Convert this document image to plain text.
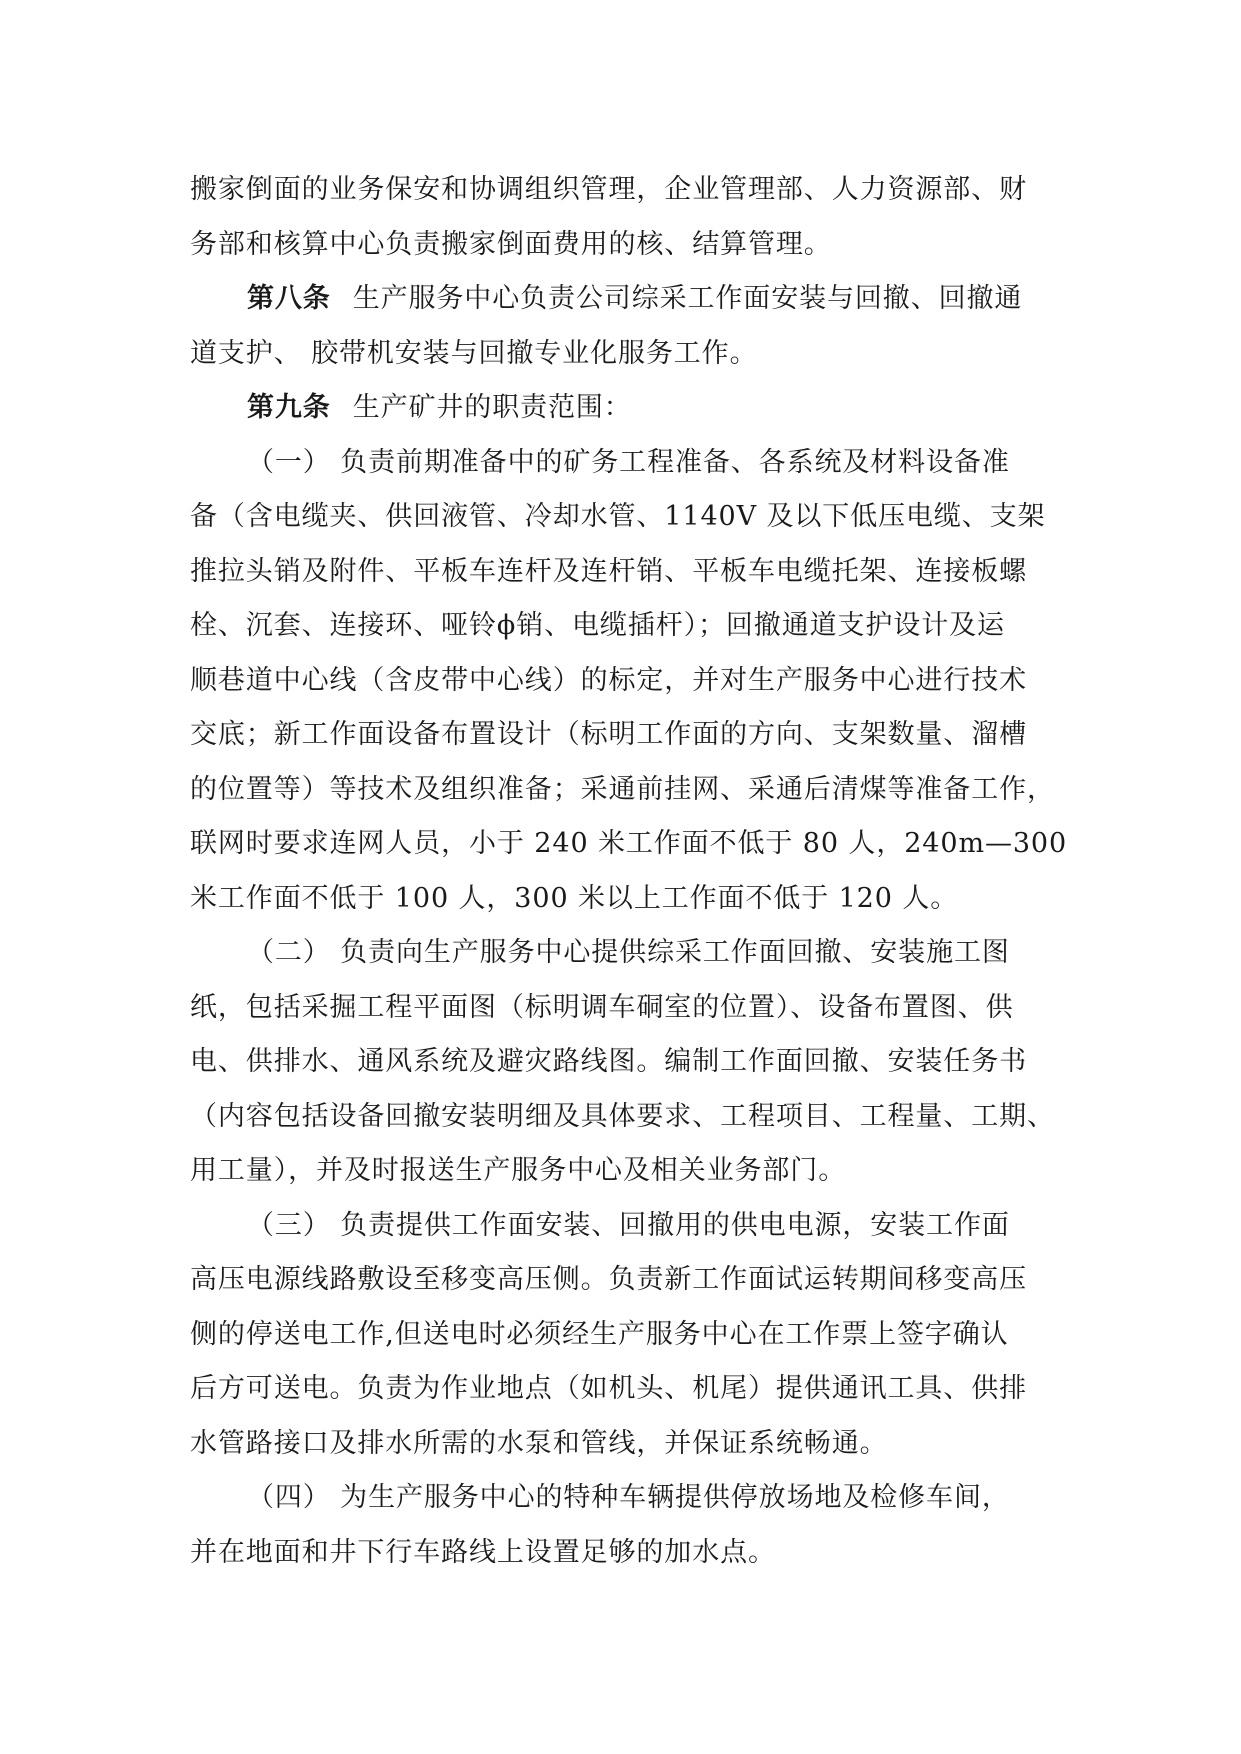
搬家倒面的业务保安和协调组织管理，企业管理部、人力资源部、财
务部和核算中心负责搬家倒面费用的核、结算管理。
第八条 生产服务中心负责公司综采工作面安装与回撤、回撤通
道支护、 胶带机安装与回撤专业化服务工作。
第九条 生产矿井的职责范围：
（一） 负责前期准备中的矿务工程准备、各系统及材料设备准
备（含电缆夹、供回液管、冷却水管、1140V 及以下低压电缆、支架
推拉头销及附件、平板车连杆及连杆销、平板车电缆托架、连接板螺
栓、沉套、连接环、哑铃ϕ销、电缆插杆）；回撤通道支护设计及运
顺巷道中心线（含皮带中心线）的标定，并对生产服务中心进行技术
交底；新工作面设备布置设计（标明工作面的方向、支架数量、溜槽
的位置等）等技术及组织准备；采通前挂网、采通后清煤等准备工作，
联网时要求连网人员，小于 240 米工作面不低于 80 人，240m—300
米工作面不低于 100 人，300 米以上工作面不低于 120 人。
（二） 负责向生产服务中心提供综采工作面回撤、安装施工图
纸，包括采掘工程平面图（标明调车硐室的位置）、设备布置图、供
电、供排水、通风系统及避灾路线图。编制工作面回撤、安装任务书
（内容包括设备回撤安装明细及具体要求、工程项目、工程量、工期、
用工量），并及时报送生产服务中心及相关业务部门。
（三） 负责提供工作面安装、回撤用的供电电源，安装工作面
高压电源线路敷设至移变高压侧。负责新工作面试运转期间移变高压
侧的停送电工作,但送电时必须经生产服务中心在工作票上签字确认
后方可送电。负责为作业地点（如机头、机尾）提供通讯工具、供排
水管路接口及排水所需的水泵和管线，并保证系统畅通。
（四） 为生产服务中心的特种车辆提供停放场地及检修车间，
并在地面和井下行车路线上设置足够的加水点。
